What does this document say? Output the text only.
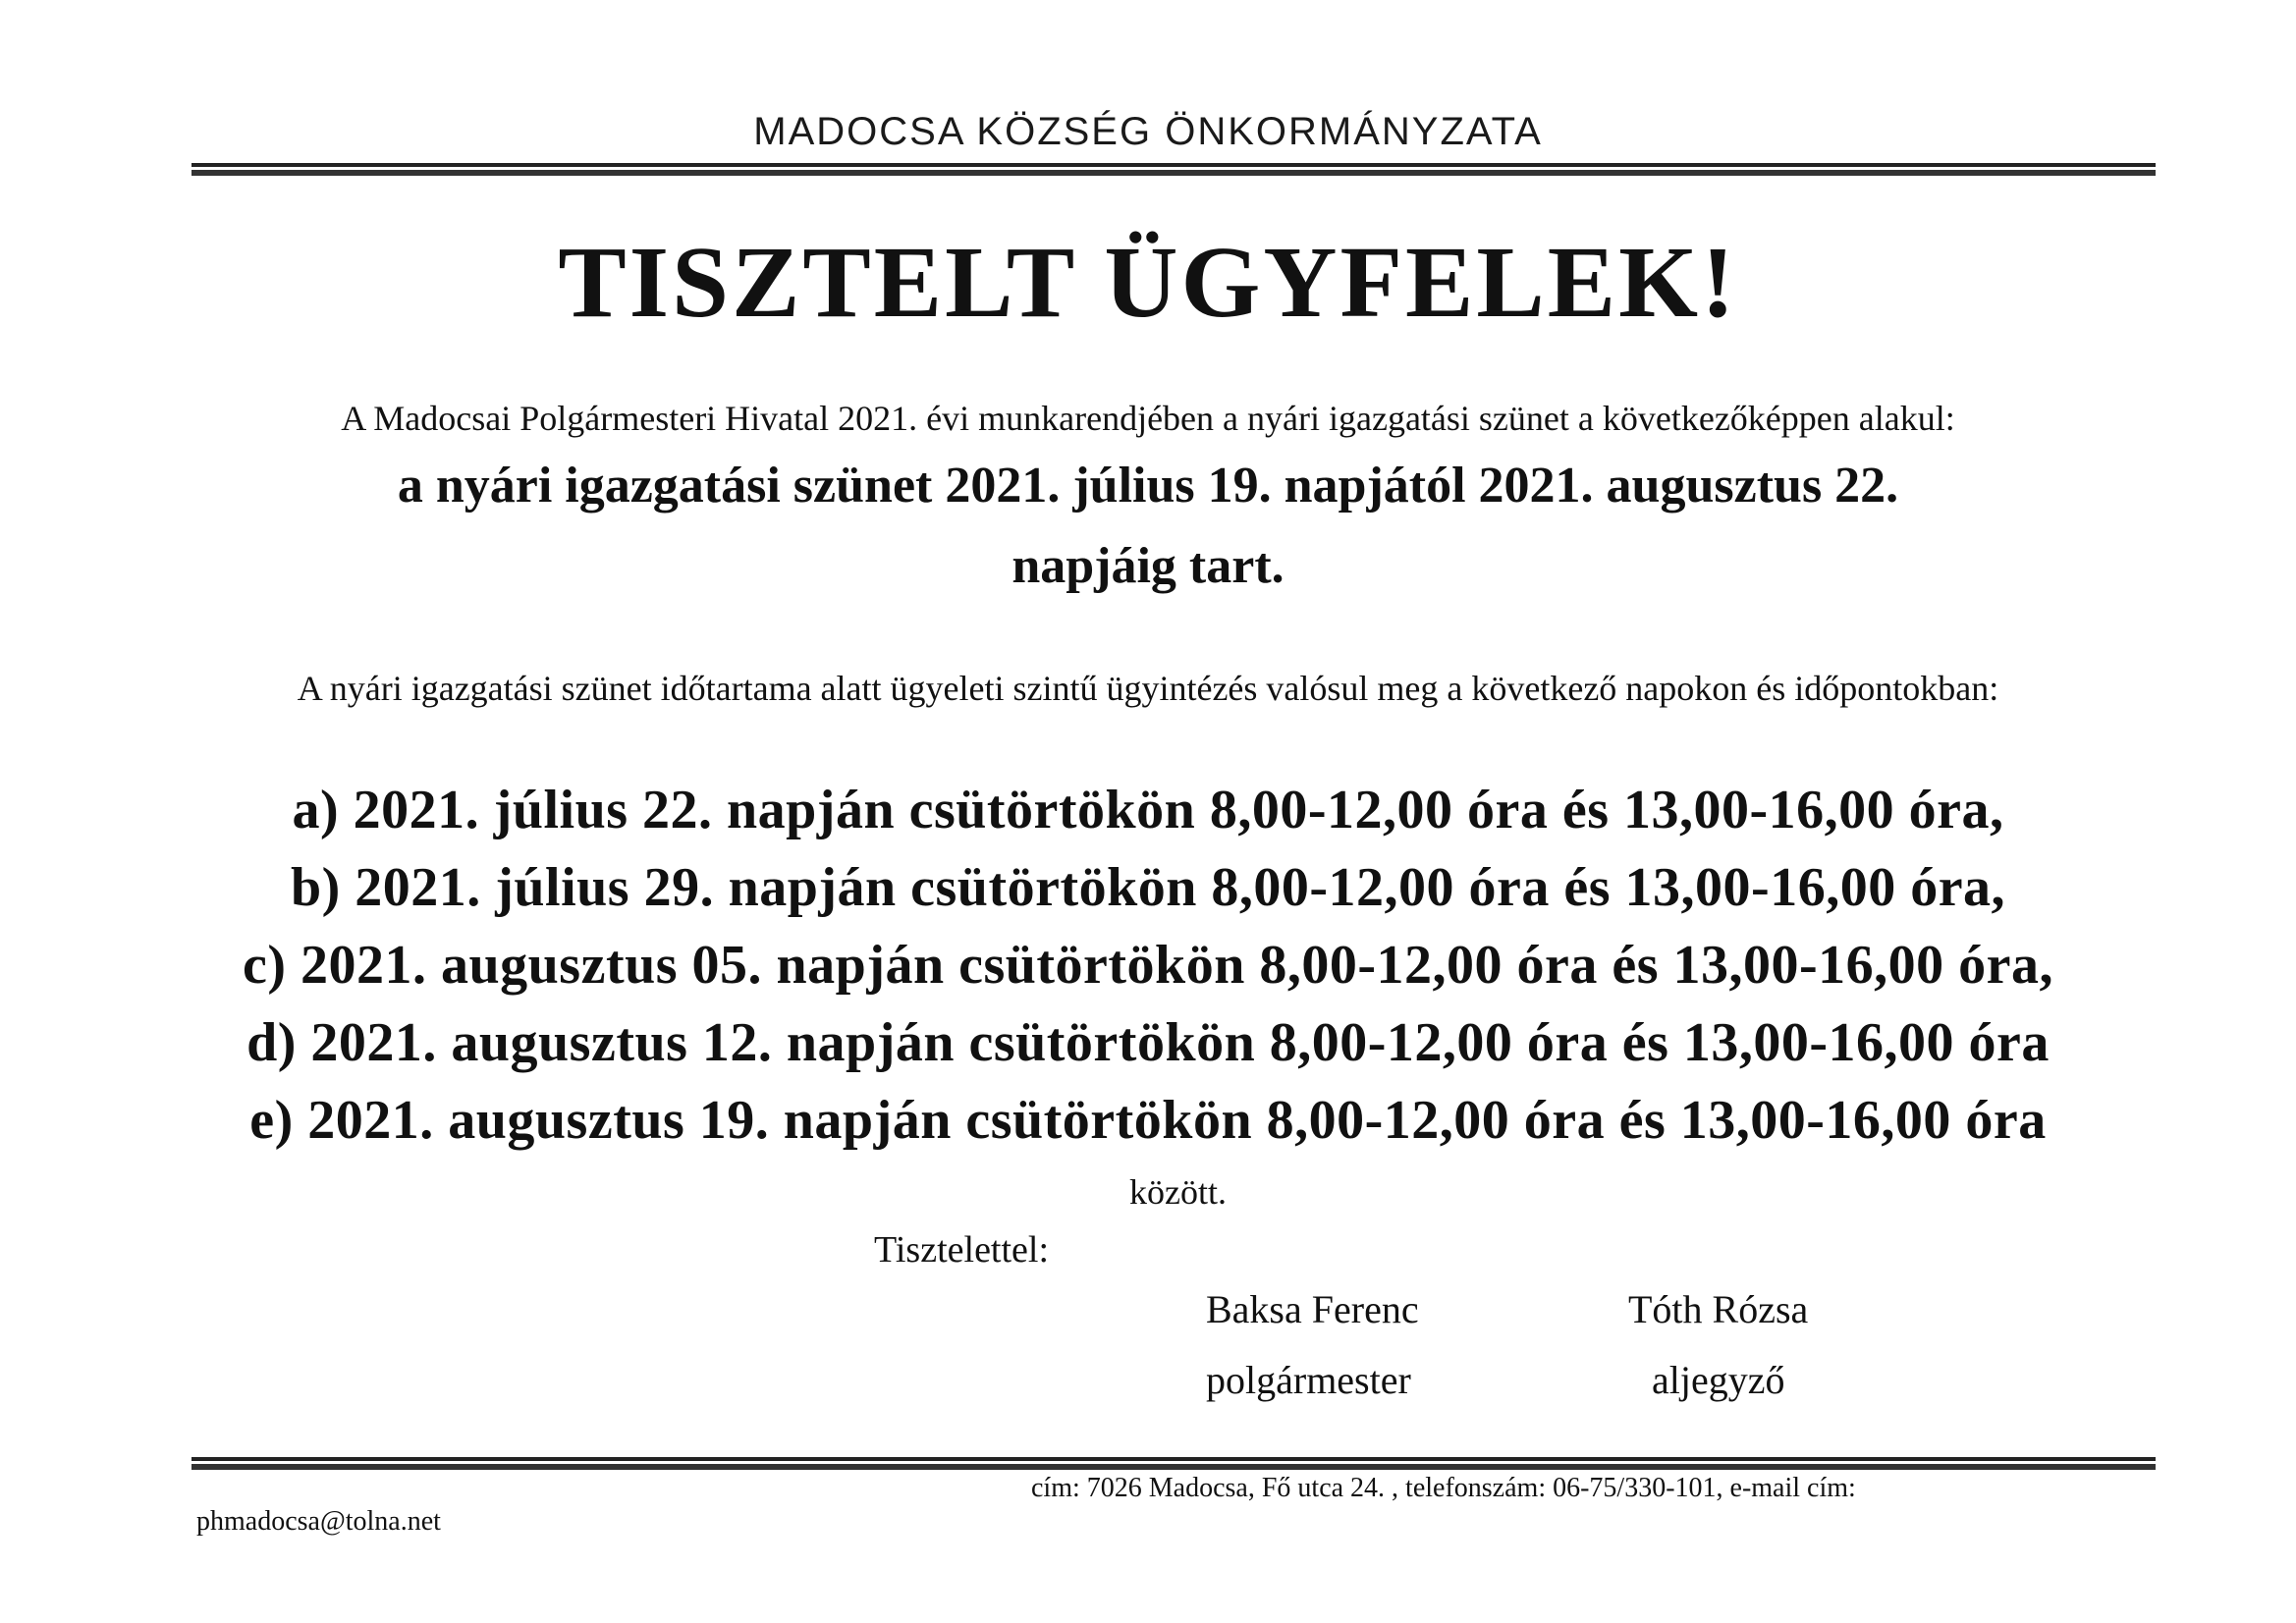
MADOCSA KÖZSÉG ÖNKORMÁNYZATA
TISZTELT ÜGYFELEK!
A Madocsai Polgármesteri Hivatal 2021. évi munkarendjében a nyári igazgatási szünet a következőképpen alakul:
a nyári igazgatási szünet 2021. július 19. napjától 2021. augusztus 22.
napjáig tart.
A nyári igazgatási szünet időtartama alatt ügyeleti szintű ügyintézés valósul meg a következő napokon és időpontokban:
a) 2021. július 22. napján csütörtökön 8,00-12,00 óra és 13,00-16,00 óra,
b) 2021. július 29. napján csütörtökön 8,00-12,00 óra és 13,00-16,00 óra,
c) 2021. augusztus 05. napján csütörtökön 8,00-12,00 óra és 13,00-16,00 óra,
d) 2021. augusztus 12. napján csütörtökön 8,00-12,00 óra és 13,00-16,00 óra
e) 2021. augusztus 19. napján csütörtökön 8,00-12,00 óra és 13,00-16,00 óra
között.
Tisztelettel:
Baksa Ferenc
polgármester
Tóth Rózsa
aljegyző
cím: 7026 Madocsa, Fő utca 24. , telefonszám: 06-75/330-101, e-mail cím:
phmadocsa@tolna.net
